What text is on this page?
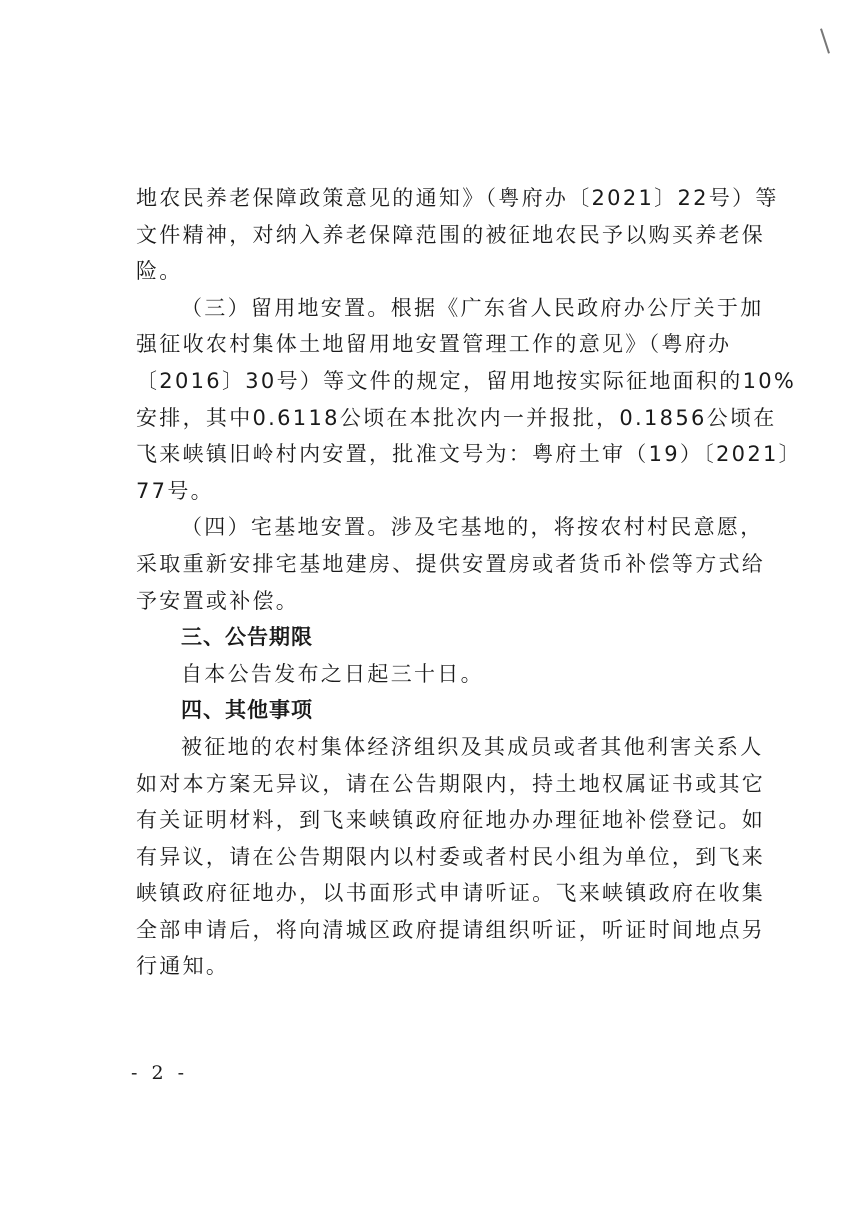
地农民养老保障政策意见的通知》（粤府办〔2021〕22号）等
文件精神，对纳入养老保障范围的被征地农民予以购买养老保
险。
（三）留用地安置。根据《广东省人民政府办公厅关于加
强征收农村集体土地留用地安置管理工作的意见》（粤府办
〔2016〕30号）等文件的规定，留用地按实际征地面积的10%
安排，其中0.6118公顷在本批次内一并报批，0.1856公顷在
飞来峡镇旧岭村内安置，批准文号为：粤府土审（19）〔2021〕
77号。
（四）宅基地安置。涉及宅基地的，将按农村村民意愿，
采取重新安排宅基地建房、提供安置房或者货币补偿等方式给
予安置或补偿。
三、公告期限
自本公告发布之日起三十日。
四、其他事项
被征地的农村集体经济组织及其成员或者其他利害关系人
如对本方案无异议，请在公告期限内，持土地权属证书或其它
有关证明材料，到飞来峡镇政府征地办办理征地补偿登记。如
有异议，请在公告期限内以村委或者村民小组为单位，到飞来
峡镇政府征地办，以书面形式申请听证。飞来峡镇政府在收集
全部申请后，将向清城区政府提请组织听证，听证时间地点另
行通知。
- 2 -
